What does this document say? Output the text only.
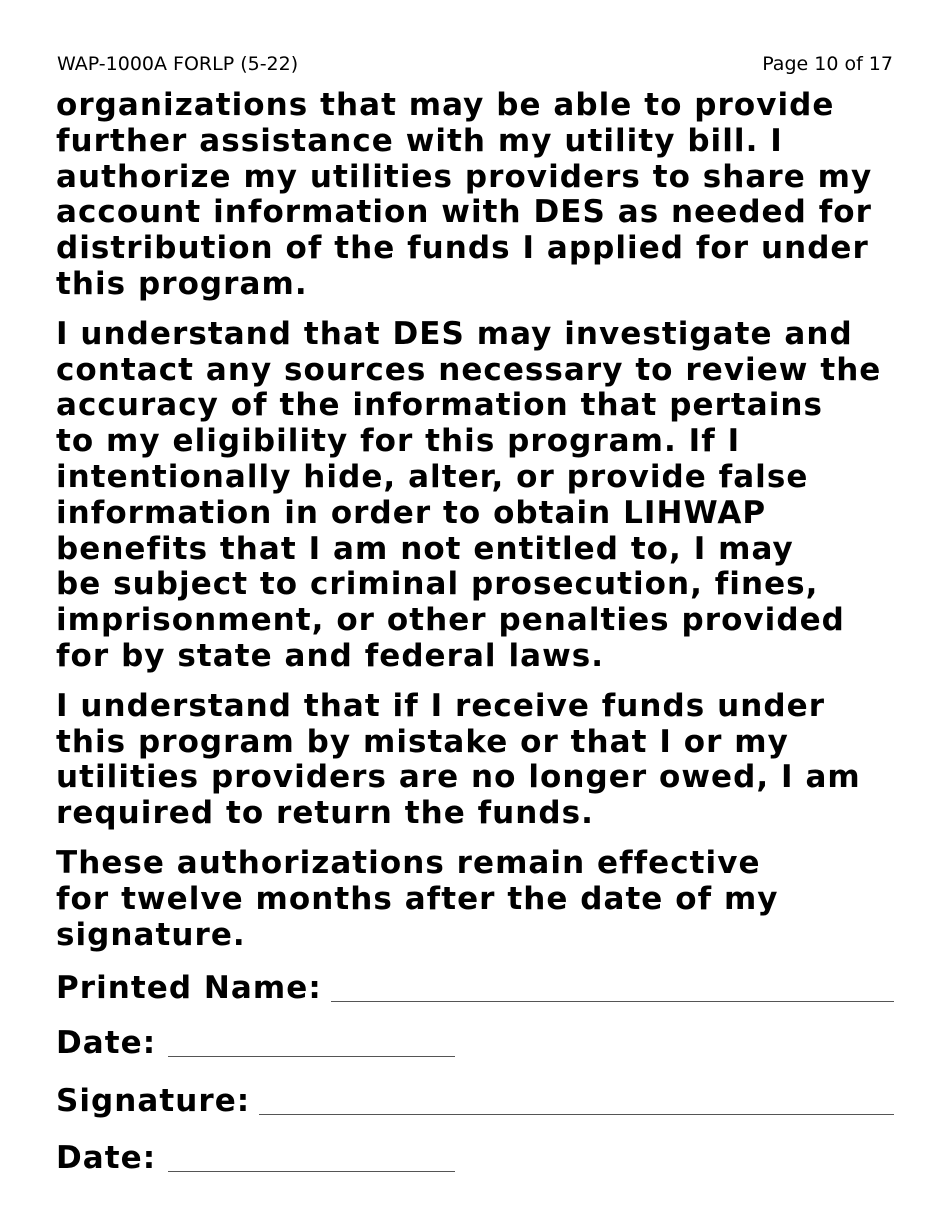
WAP-1000A FORLP (5-22)	Page 10 of 17

organizations that may be able to provide
further assistance with my utility bill. I
authorize my utilities providers to share my
account information with DES as needed for
distribution of the funds I applied for under
this program.

I understand that DES may investigate and
contact any sources necessary to review the
accuracy of the information that pertains
to my eligibility for this program. If I
intentionally hide, alter, or provide false
information in order to obtain LIHWAP
benefits that I am not entitled to, I may
be subject to criminal prosecution, fines,
imprisonment, or other penalties provided
for by state and federal laws.

I understand that if I receive funds under
this program by mistake or that I or my
utilities providers are no longer owed, I am
required to return the funds.

These authorizations remain effective
for twelve months after the date of my
signature.

Printed Name:
Date:
Signature:
Date:
